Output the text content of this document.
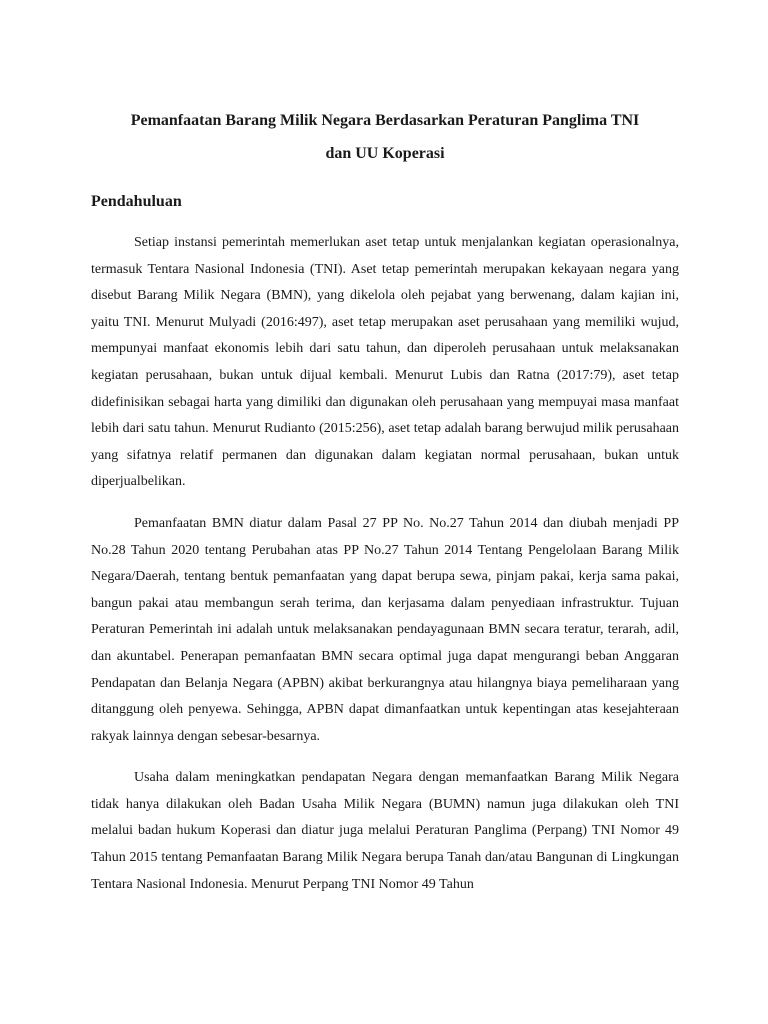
Pemanfaatan Barang Milik Negara Berdasarkan Peraturan Panglima TNI
dan UU Koperasi

Pendahuluan

Setiap instansi pemerintah memerlukan aset tetap untuk menjalankan kegiatan operasionalnya, termasuk Tentara Nasional Indonesia (TNI). Aset tetap pemerintah merupakan kekayaan negara yang disebut Barang Milik Negara (BMN), yang dikelola oleh pejabat yang berwenang, dalam kajian ini, yaitu TNI. Menurut Mulyadi (2016:497), aset tetap merupakan aset perusahaan yang memiliki wujud, mempunyai manfaat ekonomis lebih dari satu tahun, dan diperoleh perusahaan untuk melaksanakan kegiatan perusahaan, bukan untuk dijual kembali. Menurut Lubis dan Ratna (2017:79), aset tetap didefinisikan sebagai harta yang dimiliki dan digunakan oleh perusahaan yang mempuyai masa manfaat lebih dari satu tahun. Menurut Rudianto (2015:256), aset tetap adalah barang berwujud milik perusahaan yang sifatnya relatif permanen dan digunakan dalam kegiatan normal perusahaan, bukan untuk diperjualbelikan.

Pemanfaatan BMN diatur dalam Pasal 27 PP No. No.27 Tahun 2014 dan diubah menjadi PP No.28 Tahun 2020 tentang Perubahan atas PP No.27 Tahun 2014 Tentang Pengelolaan Barang Milik Negara/Daerah, tentang bentuk pemanfaatan yang dapat berupa sewa, pinjam pakai, kerja sama pakai, bangun pakai atau membangun serah terima, dan kerjasama dalam penyediaan infrastruktur. Tujuan Peraturan Pemerintah ini adalah untuk melaksanakan pendayagunaan BMN secara teratur, terarah, adil, dan akuntabel. Penerapan pemanfaatan BMN secara optimal juga dapat mengurangi beban Anggaran Pendapatan dan Belanja Negara (APBN) akibat berkurangnya atau hilangnya biaya pemeliharaan yang ditanggung oleh penyewa. Sehingga, APBN dapat dimanfaatkan untuk kepentingan atas kesejahteraan rakyak lainnya dengan sebesar-besarnya.

Usaha dalam meningkatkan pendapatan Negara dengan memanfaatkan Barang Milik Negara tidak hanya dilakukan oleh Badan Usaha Milik Negara (BUMN) namun juga dilakukan oleh TNI melalui badan hukum Koperasi dan diatur juga melalui Peraturan Panglima (Perpang) TNI Nomor 49 Tahun 2015 tentang Pemanfaatan Barang Milik Negara berupa Tanah dan/atau Bangunan di Lingkungan Tentara Nasional Indonesia. Menurut Perpang TNI Nomor 49 Tahun
